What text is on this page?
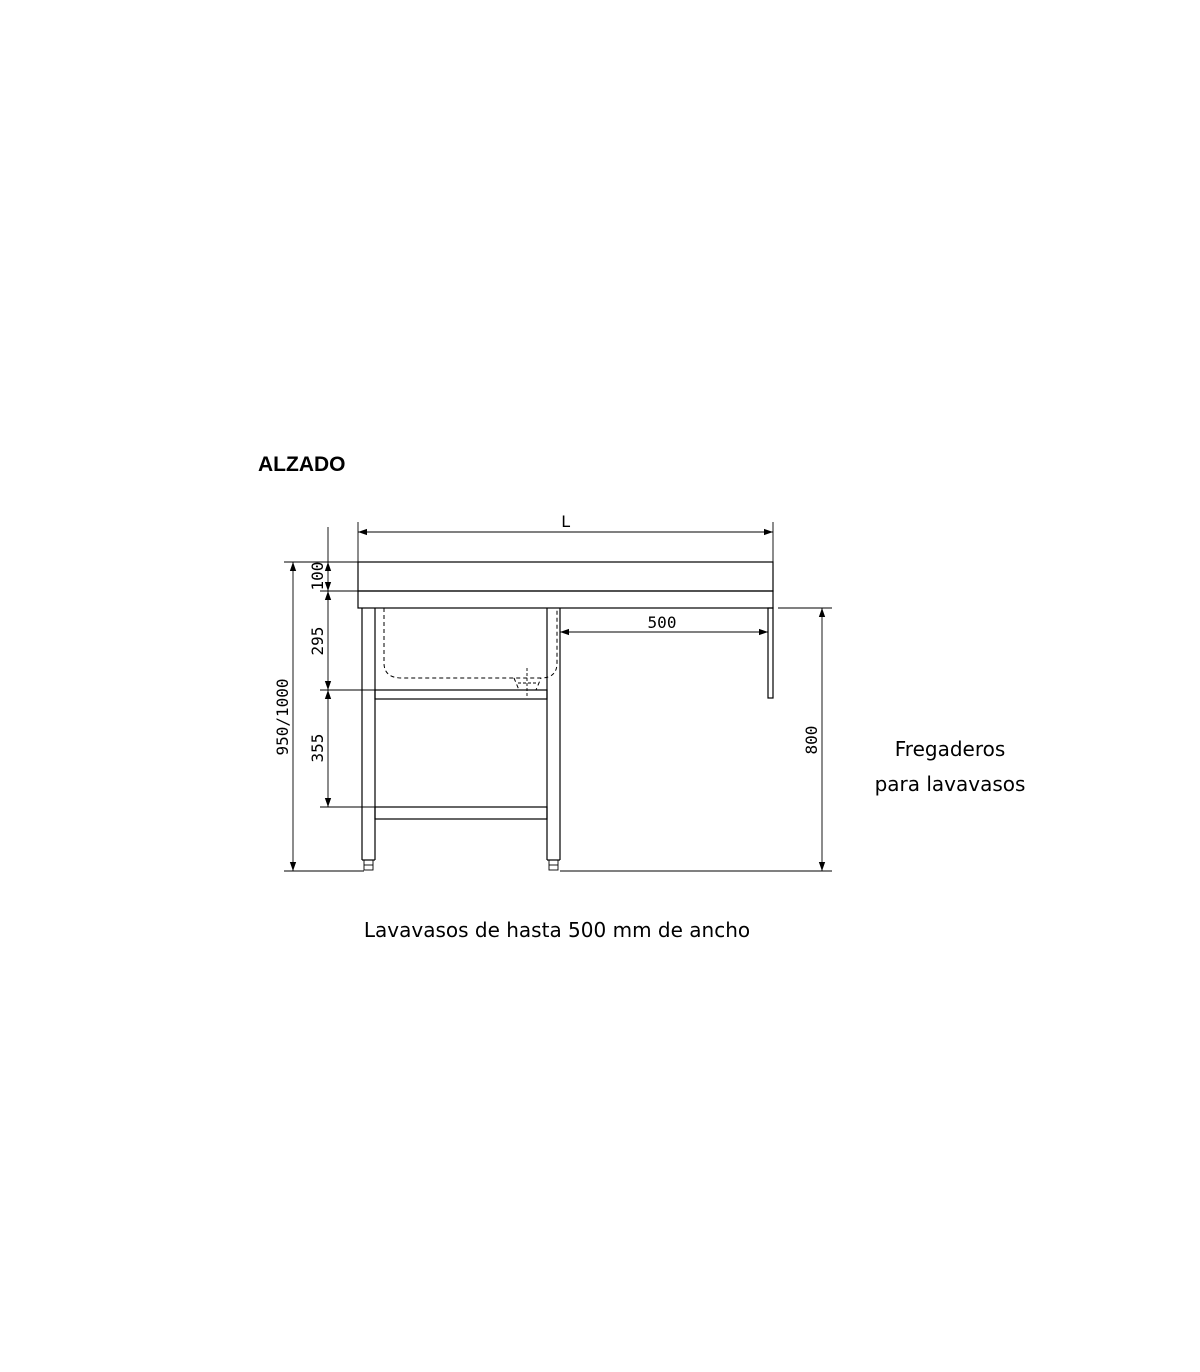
ALZADO
L
100
295
355
950/1000
500
800	Fregaderos
para lavavasos
Lavavasos de hasta 500 mm de ancho
